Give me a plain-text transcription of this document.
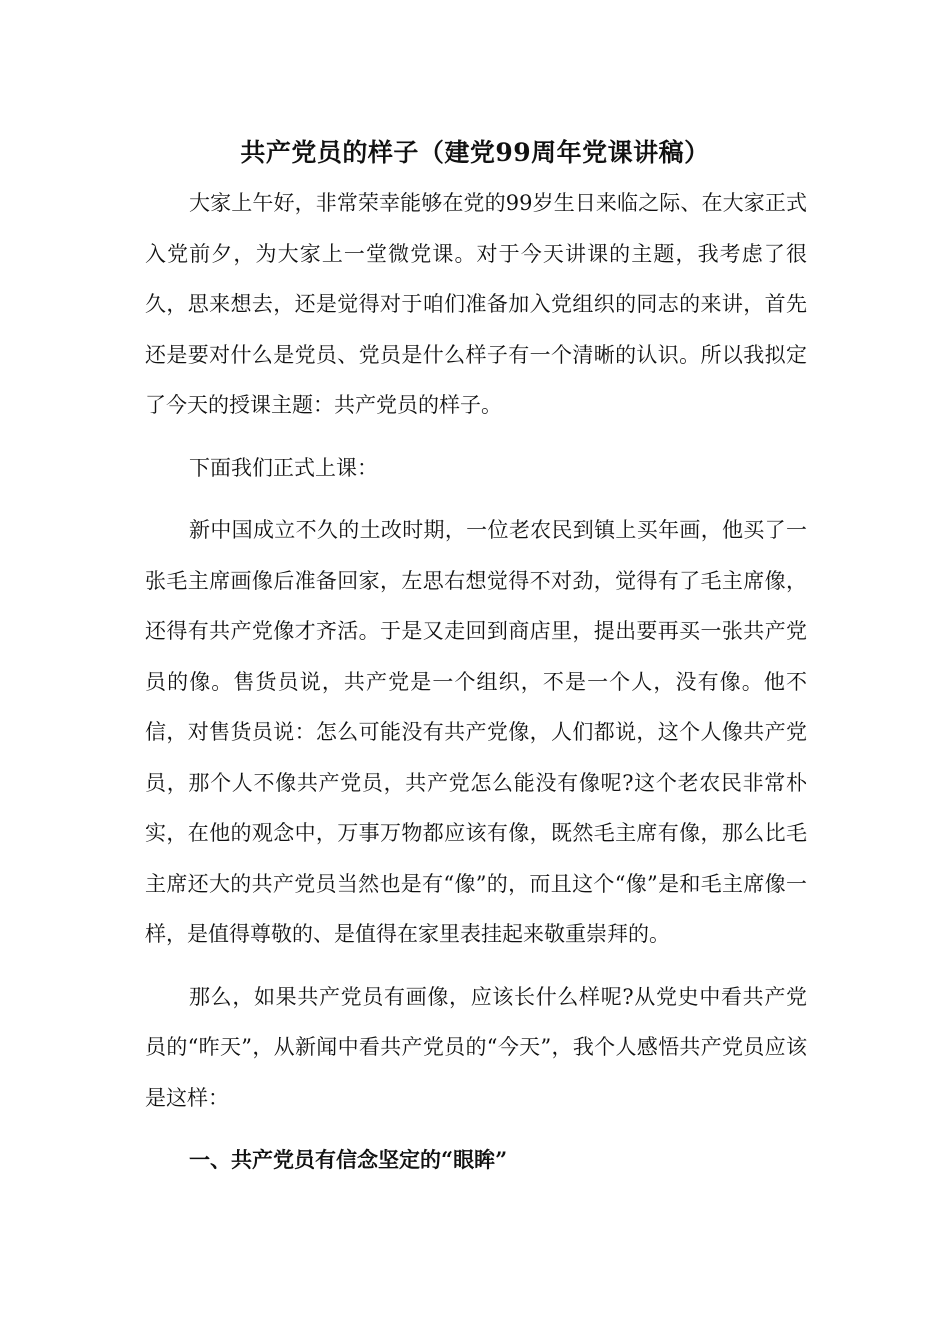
共产党员的样子（建党99周年党课讲稿）

大家上午好，非常荣幸能够在党的99岁生日来临之际、在大家正式入党前夕，为大家上一堂微党课。对于今天讲课的主题，我考虑了很久，思来想去，还是觉得对于咱们准备加入党组织的同志的来讲，首先还是要对什么是党员、党员是什么样子有一个清晰的认识。所以我拟定了今天的授课主题：共产党员的样子。

下面我们正式上课：

新中国成立不久的土改时期，一位老农民到镇上买年画，他买了一张毛主席画像后准备回家，左思右想觉得不对劲，觉得有了毛主席像，还得有共产党像才齐活。于是又走回到商店里，提出要再买一张共产党员的像。售货员说，共产党是一个组织，不是一个人，没有像。他不信，对售货员说：怎么可能没有共产党像，人们都说，这个人像共产党员，那个人不像共产党员，共产党怎么能没有像呢?这个老农民非常朴实，在他的观念中，万事万物都应该有像，既然毛主席有像，那么比毛主席还大的共产党员当然也是有“像”的，而且这个“像”是和毛主席像一样，是值得尊敬的、是值得在家里表挂起来敬重崇拜的。

那么，如果共产党员有画像，应该长什么样呢?从党史中看共产党员的“昨天”，从新闻中看共产党员的“今天”，我个人感悟共产党员应该是这样：

一、共产党员有信念坚定的“眼眸”
